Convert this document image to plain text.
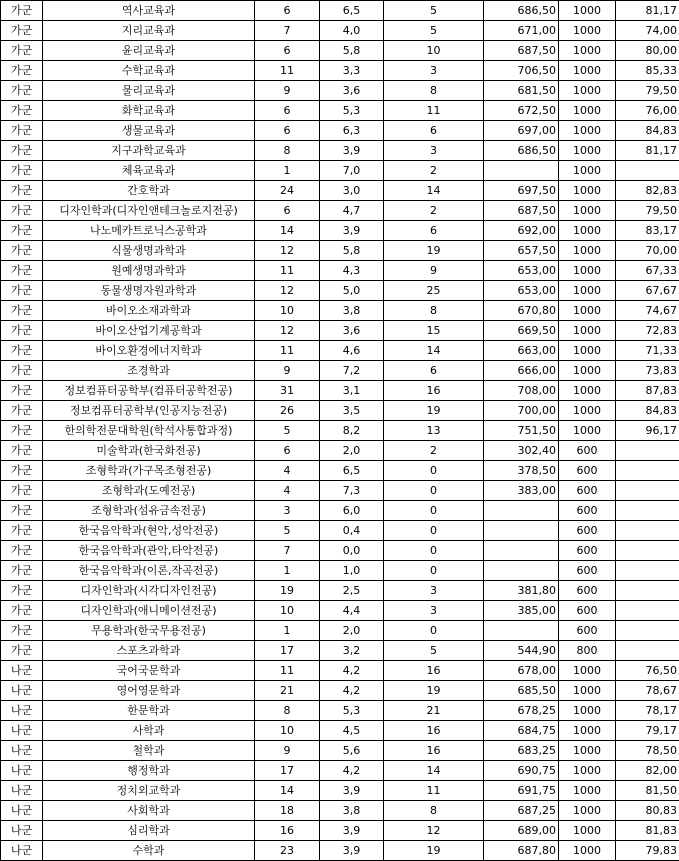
가군	역사교육과	6	6,5	5	686,50	1000	81,17
가군	지리교육과	7	4,0	5	671,00	1000	74,00
가군	윤리교육과	6	5,8	10	687,50	1000	80,00
가군	수학교육과	11	3,3	3	706,50	1000	85,33
가군	물리교육과	9	3,6	8	681,50	1000	79,50
가군	화학교육과	6	5,3	11	672,50	1000	76,00
가군	생물교육과	6	6,3	6	697,00	1000	84,83
가군	지구과학교육과	8	3,9	3	686,50	1000	81,17
가군	체육교육과	1	7,0	2		1000	
가군	간호학과	24	3,0	14	697,50	1000	82,83
가군	디자인학과(디자인앤테크놀로지전공)	6	4,7	2	687,50	1000	79,50
가군	나노메카트로닉스공학과	14	3,9	6	692,00	1000	83,17
가군	식물생명과학과	12	5,8	19	657,50	1000	70,00
가군	원예생명과학과	11	4,3	9	653,00	1000	67,33
가군	동물생명자원과학과	12	5,0	25	653,00	1000	67,67
가군	바이오소재과학과	10	3,8	8	670,80	1000	74,67
가군	바이오산업기계공학과	12	3,6	15	669,50	1000	72,83
가군	바이오환경에너지학과	11	4,6	14	663,00	1000	71,33
가군	조경학과	9	7,2	6	666,00	1000	73,83
가군	정보컴퓨터공학부(컴퓨터공학전공)	31	3,1	16	708,00	1000	87,83
가군	정보컴퓨터공학부(인공지능전공)	26	3,5	19	700,00	1000	84,83
가군	한의학전문대학원(학석사통합과정)	5	8,2	13	751,50	1000	96,17
가군	미술학과(한국화전공)	6	2,0	2	302,40	600	
가군	조형학과(가구목조형전공)	4	6,5	0	378,50	600	
가군	조형학과(도예전공)	4	7,3	0	383,00	600	
가군	조형학과(섬유금속전공)	3	6,0	0		600	
가군	한국음악학과(현악,성악전공)	5	0,4	0		600	
가군	한국음악학과(관악,타악전공)	7	0,0	0		600	
가군	한국음악학과(이론,작곡전공)	1	1,0	0		600	
가군	디자인학과(시각디자인전공)	19	2,5	3	381,80	600	
가군	디자인학과(애니메이션전공)	10	4,4	3	385,00	600	
가군	무용학과(한국무용전공)	1	2,0	0		600	
가군	스포츠과학과	17	3,2	5	544,90	800	
나군	국어국문학과	11	4,2	16	678,00	1000	76,50
나군	영어영문학과	21	4,2	19	685,50	1000	78,67
나군	한문학과	8	5,3	21	678,25	1000	78,17
나군	사학과	10	4,5	16	684,75	1000	79,17
나군	철학과	9	5,6	16	683,25	1000	78,50
나군	행정학과	17	4,2	14	690,75	1000	82,00
나군	정치외교학과	14	3,9	11	691,75	1000	81,50
나군	사회학과	18	3,8	8	687,25	1000	80,83
나군	심리학과	16	3,9	12	689,00	1000	81,83
나군	수학과	23	3,9	19	687,80	1000	79,83
